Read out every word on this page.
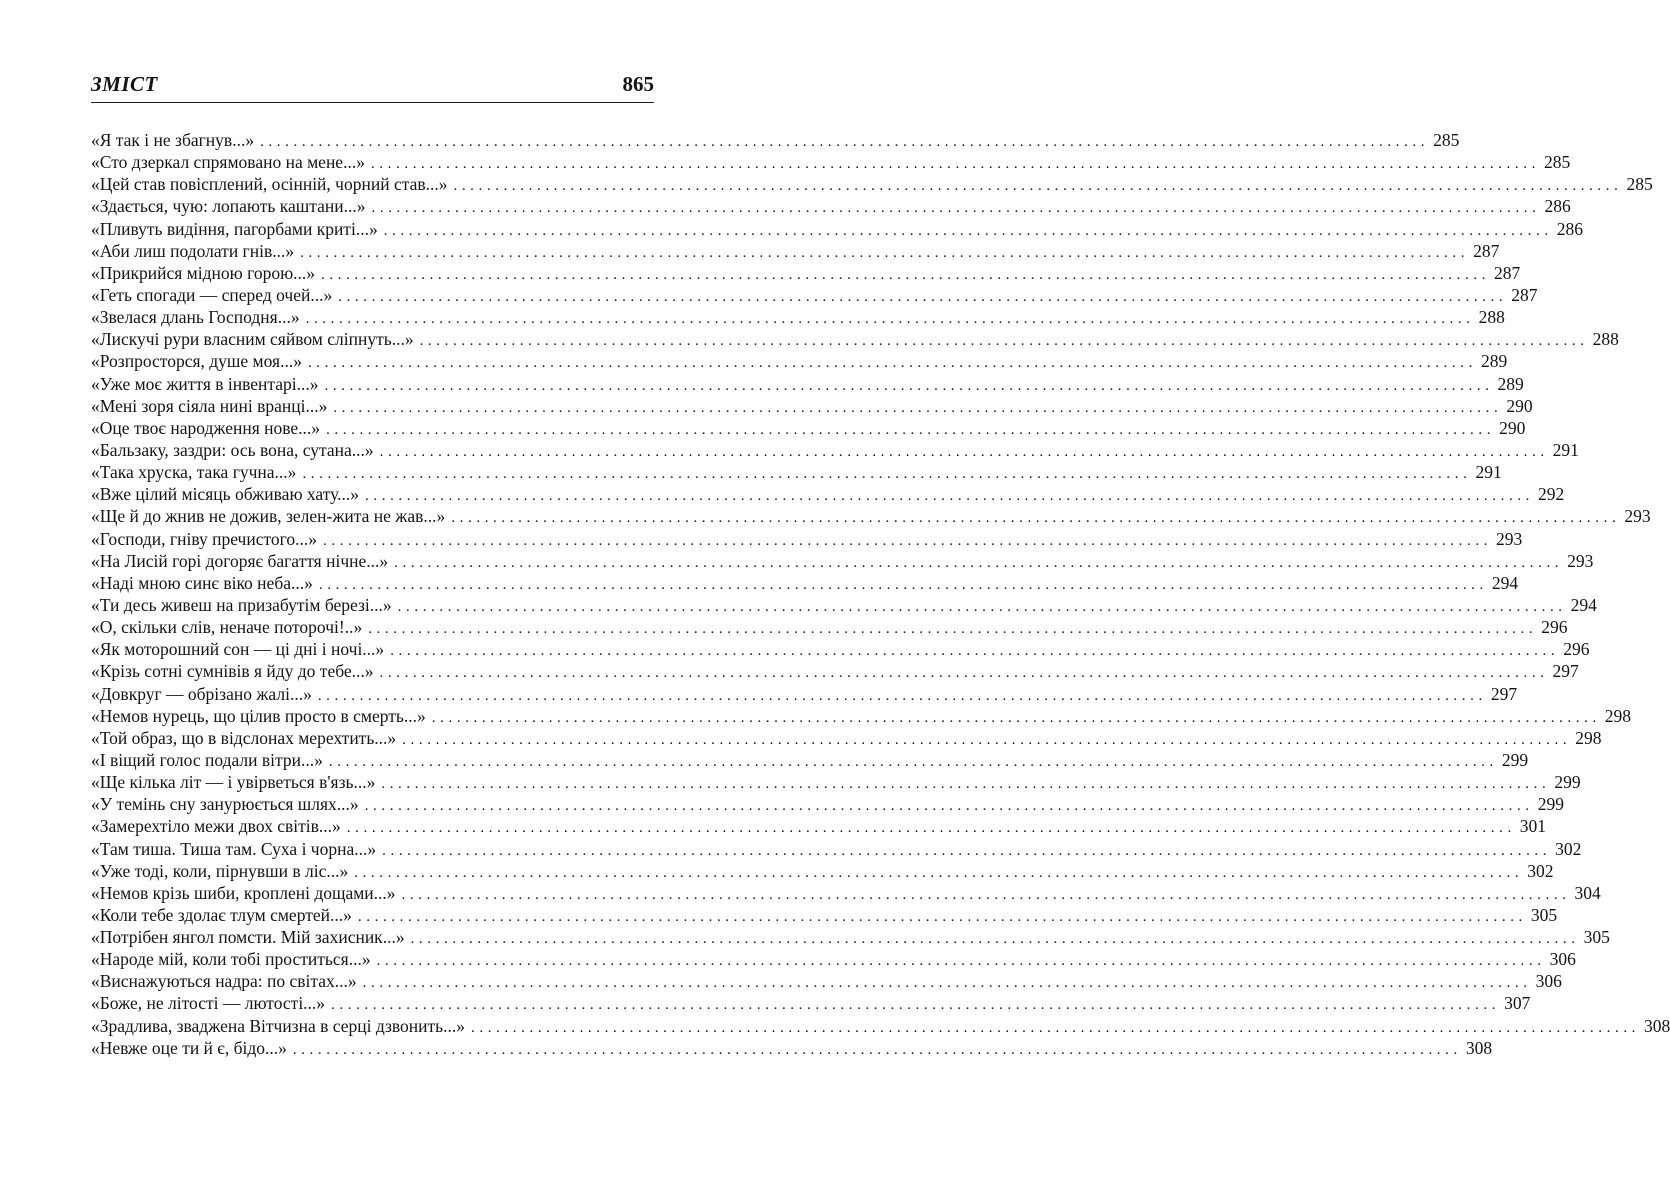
ЗМІСТ	865
«Я так і не збагнув...» ............................................................................................................................................ 285
«Сто дзеркал спрямовано на мене...» ............................................................................................................................................ 285
«Цей став повісплений, осінній, чорний став...» ............................................................................................................................................ 285
«Здається, чую: лопають каштани...» ............................................................................................................................................ 286
«Пливуть видіння, пагорбами криті...» ............................................................................................................................................ 286
«Аби лиш подолати гнів...» ............................................................................................................................................ 287
«Прикрийся мідною горою...» ............................................................................................................................................ 287
«Геть спогади — сперед очей...» ............................................................................................................................................ 287
«Звелася длань Господня...» ............................................................................................................................................ 288
«Лискучі рури власним сяйвом сліпнуть...» ............................................................................................................................................ 288
«Розпросторся, душе моя...» ............................................................................................................................................ 289
«Уже моє життя в інвентарі...» ............................................................................................................................................ 289
«Мені зоря сіяла нині вранці...» ............................................................................................................................................ 290
«Оце твоє народження нове...» ............................................................................................................................................ 290
«Бальзаку, заздри: ось вона, сутана...» ............................................................................................................................................ 291
«Така хруска, така гучна...» ............................................................................................................................................ 291
«Вже цілий місяць обживаю хату...» ............................................................................................................................................ 292
«Ще й до жнив не дожив, зелен-жита не жав...» ............................................................................................................................................ 293
«Господи, гніву пречистого...» ............................................................................................................................................ 293
«На Лисій горі догоряє багаття нічне...» ............................................................................................................................................ 293
«Наді мною синє віко неба...» ............................................................................................................................................ 294
«Ти десь живеш на призабутім березі...» ............................................................................................................................................ 294
«О, скільки слів, неначе поторочі!..» ............................................................................................................................................ 296
«Як моторошний сон — ці дні і ночі...» ............................................................................................................................................ 296
«Крізь сотні сумнівів я йду до тебе...» ............................................................................................................................................ 297
«Довкруг — обрізано жалі...» ............................................................................................................................................ 297
«Немов нурець, що цілив просто в смерть...» ............................................................................................................................................ 298
«Той образ, що в відслонах мерехтить...» ............................................................................................................................................ 298
«І віщий голос подали вітри...» ............................................................................................................................................ 299
«Ще кілька літ — і увірветься в'язь...» ............................................................................................................................................ 299
«У темінь сну занурюється шлях...» ............................................................................................................................................ 299
«Замерехтіло межи двох світів...» ............................................................................................................................................ 301
«Там тиша. Тиша там. Суха і чорна...» ............................................................................................................................................ 302
«Уже тоді, коли, пірнувши в ліс...» ............................................................................................................................................ 302
«Немов крізь шиби, кроплені дощами...» ............................................................................................................................................ 304
«Коли тебе здолає тлум смертей...» ............................................................................................................................................ 305
«Потрібен янгол помсти. Мій захисник...» ............................................................................................................................................ 305
«Народе мій, коли тобі проститься...» ............................................................................................................................................ 306
«Виснажуються надра: по світах...» ............................................................................................................................................ 306
«Боже, не літості — лютості...» ............................................................................................................................................ 307
«Зрадлива, зваджена Вітчизна в серці дзвонить...» ............................................................................................................................................ 308
«Невже оце ти й є, бідо...» ............................................................................................................................................ 308
